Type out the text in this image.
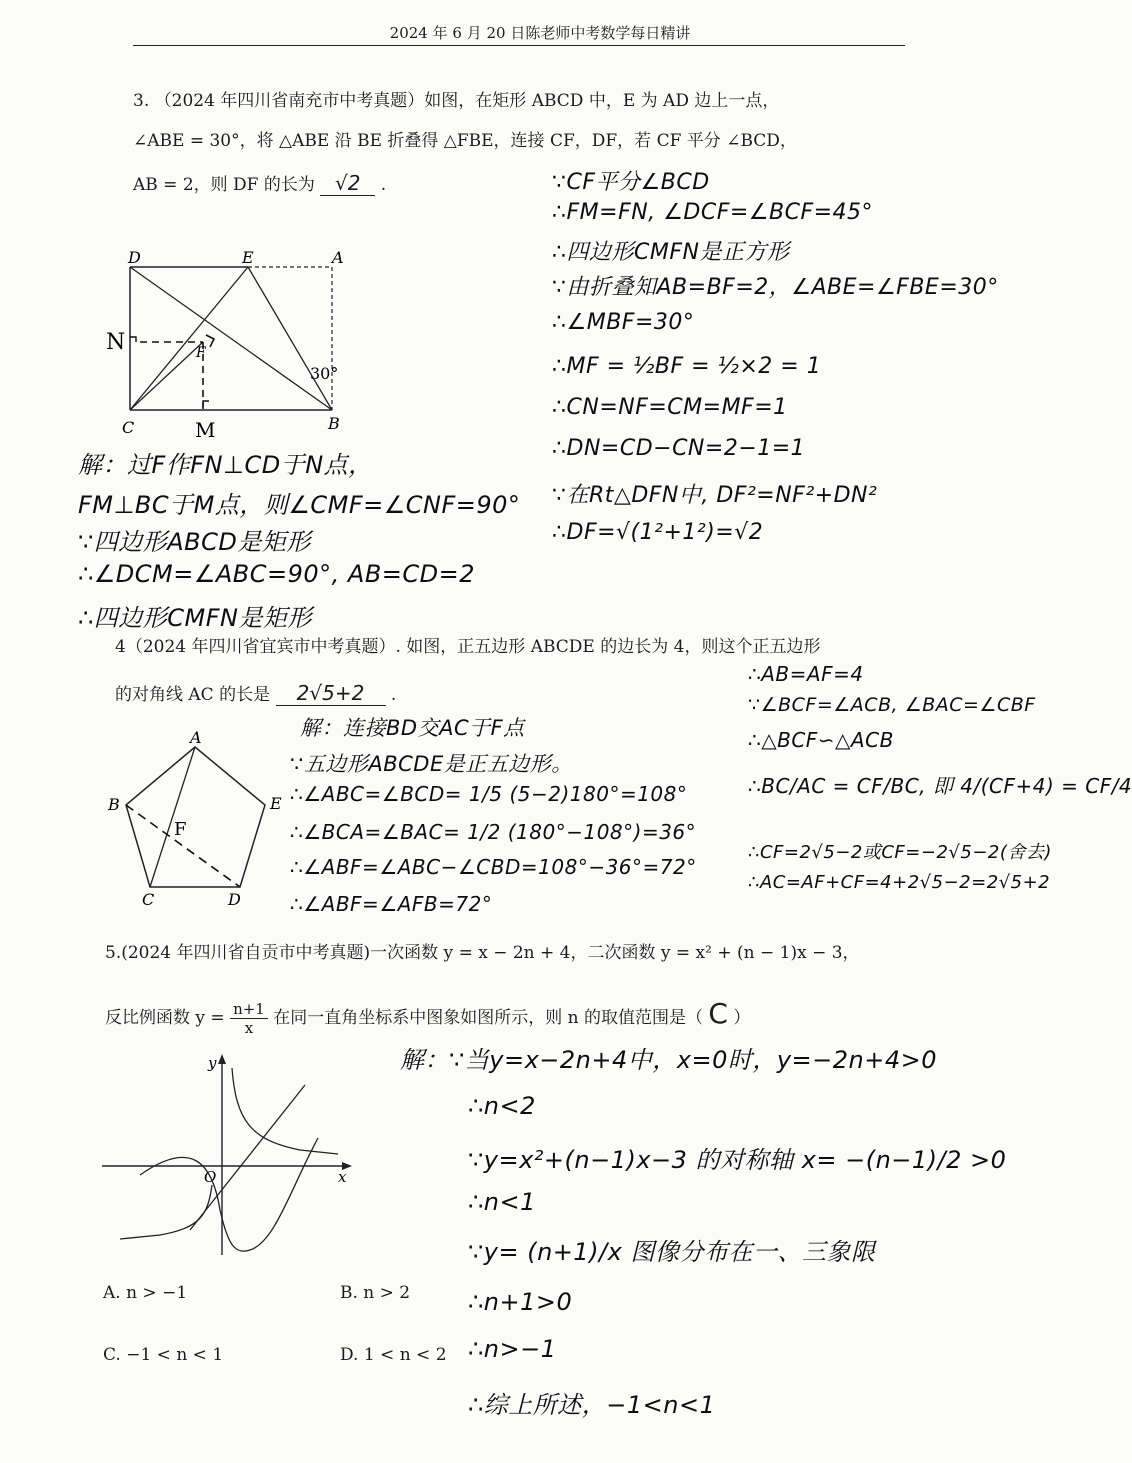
2024 年 6 月 20 日陈老师中考数学每日精讲
3. （2024 年四川省南充市中考真题）如图，在矩形 ABCD 中，E 为 AD 边上一点，
∠ABE = 30°，将 △ABE 沿 BE 折叠得 △FBE，连接 CF，DF，若 CF 平分 ∠BCD，
AB = 2，则 DF 的长为 √2 .
D	E	A
N	F
C	M	B
30°
∵CF平分∠BCD
∴FM=FN, ∠DCF=∠BCF=45°
∴四边形CMFN是正方形
∵由折叠知AB=BF=2，∠ABE=∠FBE=30°
∴∠MBF=30°
∴MF = ½BF = ½×2 = 1
∴CN=NF=CM=MF=1
∴DN=CD−CN=2−1=1
∵在Rt△DFN中, DF²=NF²+DN²
∴DF=√(1²+1²)=√2
解：过F作FN⊥CD于N点，
FM⊥BC于M点，则∠CMF=∠CNF=90°
∵四边形ABCD是矩形
∴∠DCM=∠ABC=90°, AB=CD=2
∴四边形CMFN是矩形
4（2024 年四川省宜宾市中考真题）. 如图，正五边形 ABCDE 的边长为 4，则这个正五边形
的对角线 AC 的长是 2√5+2 .
A
B
C	D
E
F
解：连接BD交AC于F点
∵五边形ABCDE是正五边形。
∴∠ABC=∠BCD= 1/5 (5−2)180°=108°
∴∠BCA=∠BAC= 1/2 (180°−108°)=36°
∴∠ABF=∠ABC−∠CBD=108°−36°=72°
∴∠ABF=∠AFB=72°
∴AB=AF=4
∵∠BCF=∠ACB, ∠BAC=∠CBF
∴△BCF∽△ACB
∴BC/AC = CF/BC, 即 4/(CF+4) = CF/4
∴CF=2√5−2或CF=−2√5−2(舍去)
∴AC=AF+CF=4+2√5−2=2√5+2
5.(2024 年四川省自贡市中考真题)一次函数 y = x − 2n + 4，二次函数 y = x² + (n − 1)x − 3，
反比例函数 $y = \frac{n+1}{x}$ 在同一直角坐标系中图象如图所示，则 n 的取值范围是（ C ）
y
x
O
A. n > −1	B. n > 2
C. −1 < n < 1	D. 1 < n < 2
解：∵当y=x−2n+4中，x=0时，y=−2n+4>0
∴n<2
∵y=x²+(n−1)x−3 的对称轴 x= −(n−1)/2 >0
∴n<1
∵y= (n+1)/x 图像分布在一、三象限
∴n+1>0
∴n>−1
∴综上所述，−1<n<1
